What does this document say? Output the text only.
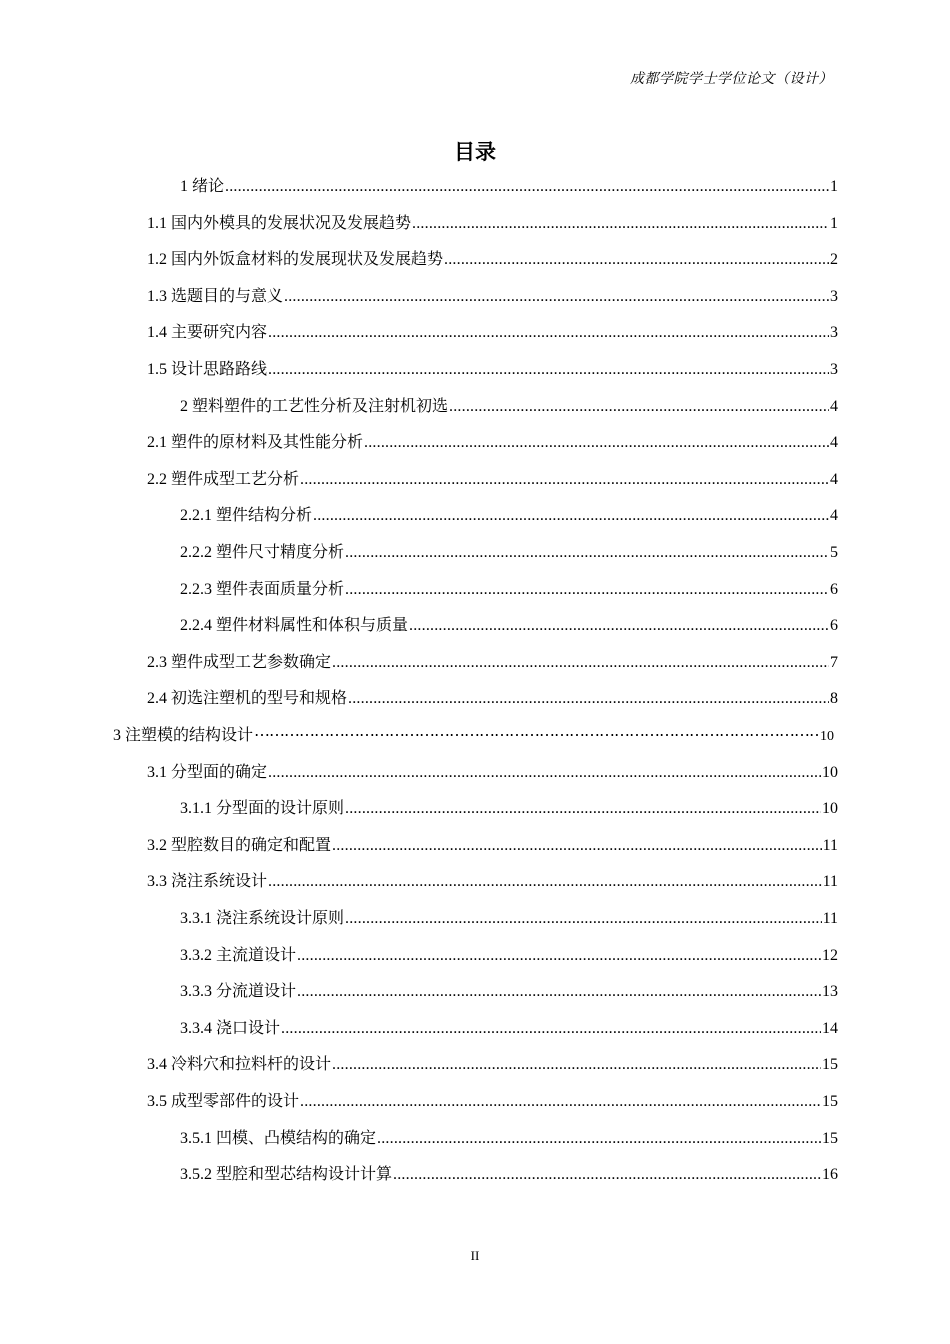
成都学院学士学位论文（设计）
目录
1 绪论 .....	1
1.1 国内外模具的发展状况及发展趋势 .....	1
1.2 国内外饭盒材料的发展现状及发展趋势 .....	2
1.3 选题目的与意义 .....	3
1.4 主要研究内容 .....	3
1.5 设计思路路线 .....	3
2 塑料塑件的工艺性分析及注射机初选 .....	4
2.1 塑件的原材料及其性能分析 .....	4
2.2 塑件成型工艺分析 .....	4
2.2.1 塑件结构分析 .....	4
2.2.2 塑件尺寸精度分析 .....	5
2.2.3 塑件表面质量分析 .....	6
2.2.4 塑件材料属性和体积与质量 .....	6
2.3 塑件成型工艺参数确定 .....	7
2.4 初选注塑机的型号和规格 .....	8
3 注塑模的结构设计 ⋯⋯⋯⋯⋯⋯⋯⋯⋯⋯⋯⋯⋯⋯⋯⋯⋯⋯⋯⋯⋯⋯⋯⋯⋯⋯⋯⋯⋯⋯⋯⋯⋯⋯⋯⋯⋯⋯⋯⋯⋯⋯⋯⋯⋯⋯⋯⋯	10
3.1 分型面的确定 .....	10
3.1.1 分型面的设计原则 .....	10
3.2 型腔数目的确定和配置 .....	11
3.3 浇注系统设计 .....	11
3.3.1 浇注系统设计原则 .....	11
3.3.2 主流道设计 .....	12
3.3.3 分流道设计 .....	13
3.3.4 浇口设计 .....	14
3.4 冷料穴和拉料杆的设计 .....	15
3.5 成型零部件的设计 .....	15
3.5.1 凹模、凸模结构的确定 .....	15
3.5.2 型腔和型芯结构设计计算 .....	16
II
